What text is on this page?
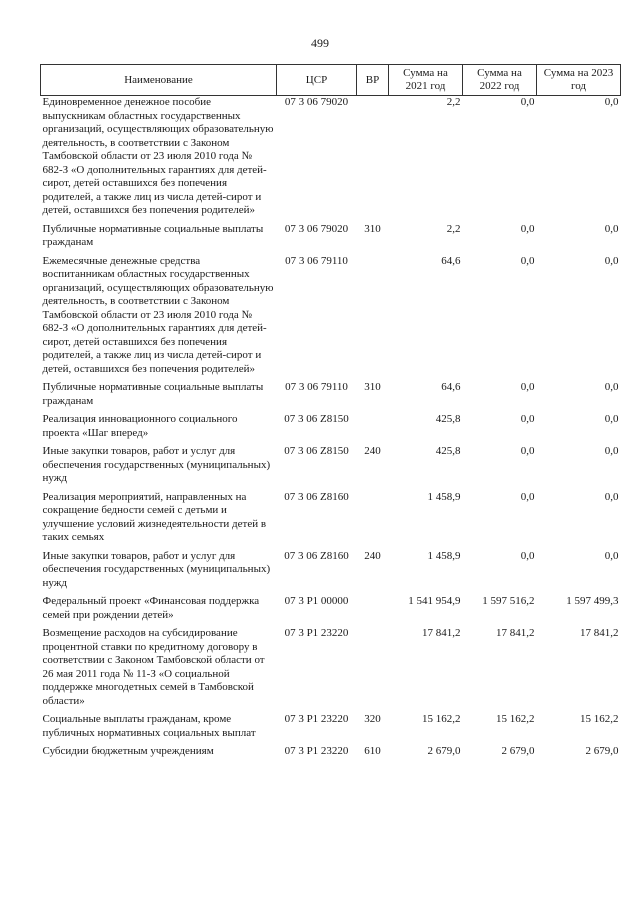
499
Наименование	ЦСР	ВР	Сумма на 2021 год	Сумма на 2022 год	Сумма на 2023 год
Единовременное денежное пособие выпускникам областных государственных организаций, осуществляющих образовательную деятельность, в соответствии с Законом Тамбовской области от 23 июля 2010 года № 682-З «О дополнительных гарантиях для детей-сирот, детей оставшихся без попечения родителей, а также лиц из числа детей-сирот и детей, оставшихся без попечения родителей»	07 3 06 79020		2,2	0,0	0,0
Публичные нормативные социальные выплаты гражданам	07 3 06 79020	310	2,2	0,0	0,0
Ежемесячные денежные средства воспитанникам областных государственных организаций, осуществляющих образовательную деятельность, в соответствии с Законом Тамбовской области от 23 июля 2010 года № 682-З «О дополнительных гарантиях для детей-сирот, детей оставшихся без попечения родителей, а также лиц из числа детей-сирот и детей, оставшихся без попечения родителей»	07 3 06 79110		64,6	0,0	0,0
Публичные нормативные социальные выплаты гражданам	07 3 06 79110	310	64,6	0,0	0,0
Реализация инновационного социального проекта «Шаг вперед»	07 3 06 Z8150		425,8	0,0	0,0
Иные закупки товаров, работ и услуг для обеспечения государственных (муниципальных) нужд	07 3 06 Z8150	240	425,8	0,0	0,0
Реализация мероприятий, направленных на сокращение бедности семей с детьми и улучшение условий жизнедеятельности детей в таких семьях	07 3 06 Z8160		1 458,9	0,0	0,0
Иные закупки товаров, работ и услуг для обеспечения государственных (муниципальных) нужд	07 3 06 Z8160	240	1 458,9	0,0	0,0
Федеральный проект «Финансовая поддержка семей при рождении детей»	07 3 P1 00000		1 541 954,9	1 597 516,2	1 597 499,3
Возмещение расходов на субсидирование процентной ставки по кредитному договору в соответствии с Законом Тамбовской области от 26 мая 2011 года № 11-З «О социальной поддержке многодетных семей в Тамбовской области»	07 3 P1 23220		17 841,2	17 841,2	17 841,2
Социальные выплаты гражданам, кроме публичных нормативных социальных выплат	07 3 P1 23220	320	15 162,2	15 162,2	15 162,2
Субсидии бюджетным учреждениям	07 3 P1 23220	610	2 679,0	2 679,0	2 679,0
